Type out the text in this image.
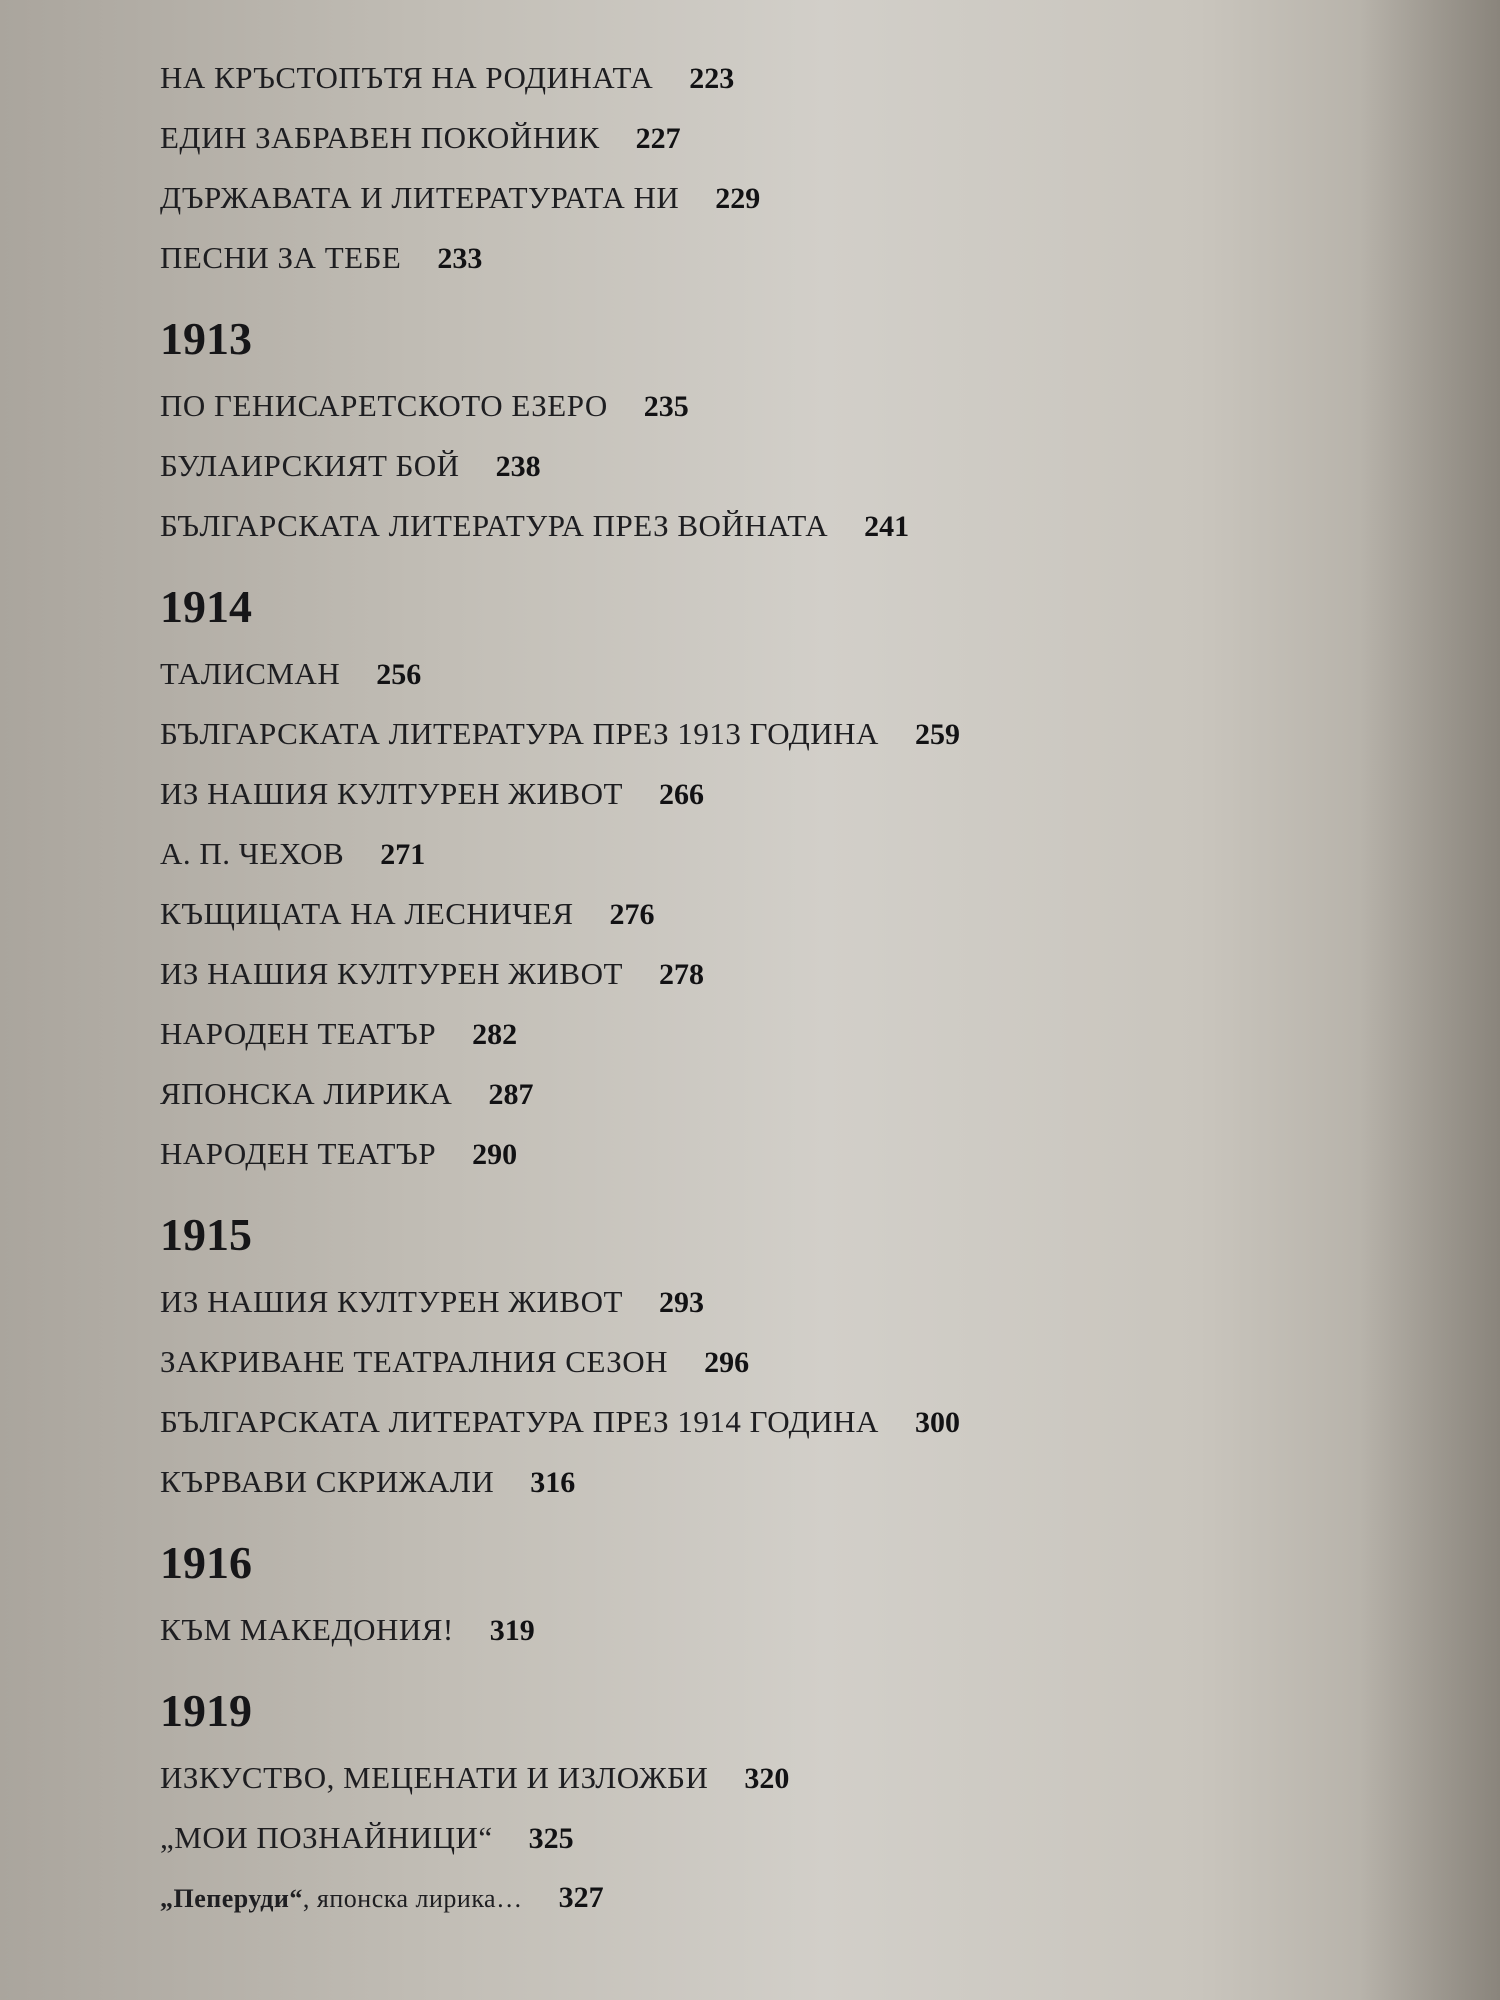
НА КРЪСТОПЪТЯ НА РОДИНАТА 223
ЕДИН ЗАБРАВЕН ПОКОЙНИК 227
ДЪРЖАВАТА И ЛИТЕРАТУРАТА НИ 229
ПЕСНИ ЗА ТЕБЕ 233
1913
ПО ГЕНИСАРЕТСКОТО ЕЗЕРО 235
БУЛАИРСКИЯТ БОЙ 238
БЪЛГАРСКАТА ЛИТЕРАТУРА ПРЕЗ ВОЙНАТА 241
1914
ТАЛИСМАН 256
БЪЛГАРСКАТА ЛИТЕРАТУРА ПРЕЗ 1913 ГОДИНА 259
ИЗ НАШИЯ КУЛТУРЕН ЖИВОТ 266
А. П. ЧЕХОВ 271
КЪЩИЦАТА НА ЛЕСНИЧЕЯ 276
ИЗ НАШИЯ КУЛТУРЕН ЖИВОТ 278
НАРОДЕН ТЕАТЪР 282
ЯПОНСКА ЛИРИКА 287
НАРОДЕН ТЕАТЪР 290
1915
ИЗ НАШИЯ КУЛТУРЕН ЖИВОТ 293
ЗАКРИВАНЕ ТЕАТРАЛНИЯ СЕЗОН 296
БЪЛГАРСКАТА ЛИТЕРАТУРА ПРЕЗ 1914 ГОДИНА 300
КЪРВАВИ СКРИЖАЛИ 316
1916
КЪМ МАКЕДОНИЯ! 319
1919
ИЗКУСТВО, МЕЦЕНАТИ И ИЗЛОЖБИ 320
„МОИ ПОЗНАЙНИЦИ“ 325
„Пеперуди“, японска лирика… 327
